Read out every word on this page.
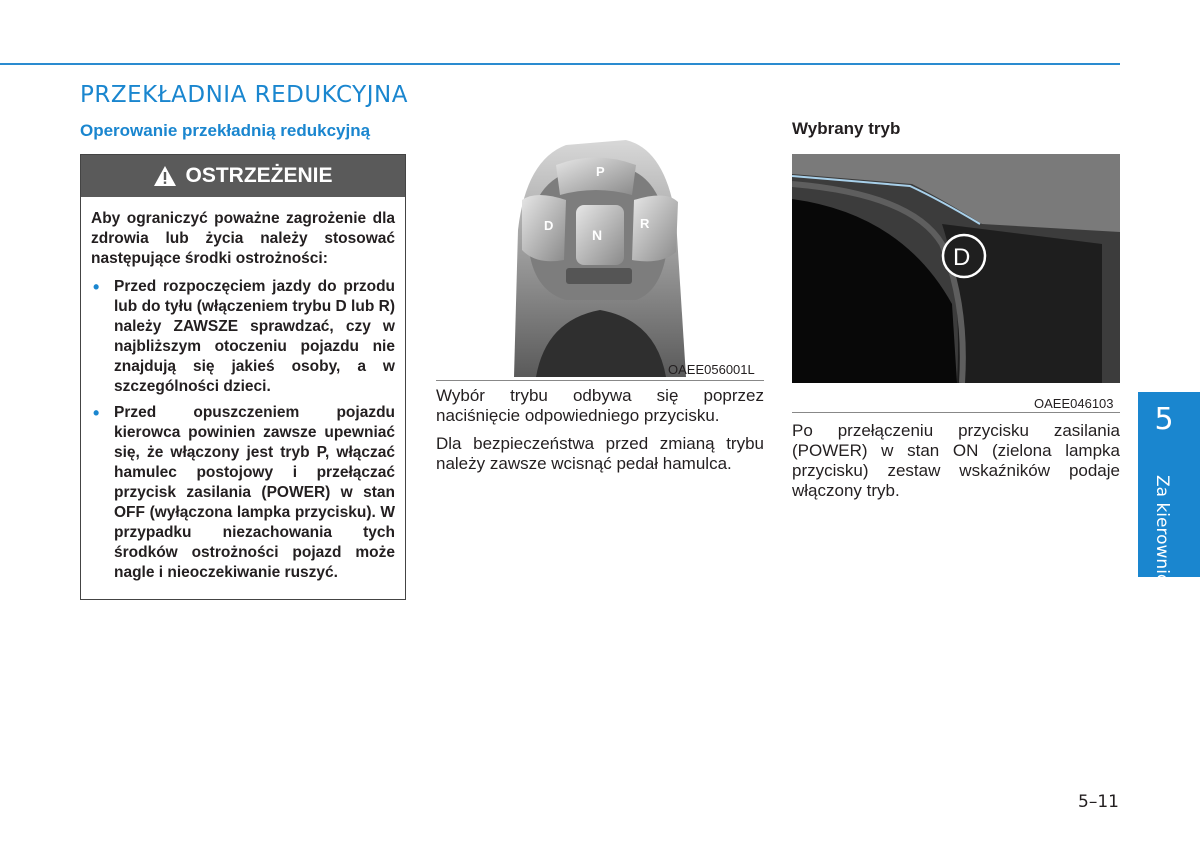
PRZEKŁADNIA REDUKCYJNA
Operowanie przekładnią redukcyjną
OSTRZEŻENIE

Aby ograniczyć poważne zagrożenie dla zdrowia lub życia należy stosować następujące środki ostrożności:

• Przed rozpoczęciem jazdy do przodu lub do tyłu (włączeniem trybu D lub R) należy ZAWSZE sprawdzać, czy w najbliższym otoczeniu pojazdu nie znajdują się jakieś osoby, a w szczególności dzieci.
• Przed opuszczeniem pojazdu kierowca powinien zawsze upewniać się, że włączony jest tryb P, włączać hamulec postojowy i przełączać przycisk zasilania (POWER) w stan OFF (wyłączona lampka przycisku). W przypadku niezachowania tych środków ostrożności pojazd może nagle i nieoczekiwanie ruszyć.
P
D
N
R
OAEE056001L
Wybór trybu odbywa się poprzez naciśnięcie odpowiedniego przycisku.
Dla bezpieczeństwa przed zmianą trybu należy zawsze wcisnąć pedał hamulca.
Wybrany tryb
D
OAEE046103
Po przełączeniu przycisku zasilania (POWER) w stan ON (zielona lampka przycisku) zestaw wskaźników podaje włączony tryb.
5
Za kierownicą
5–11
